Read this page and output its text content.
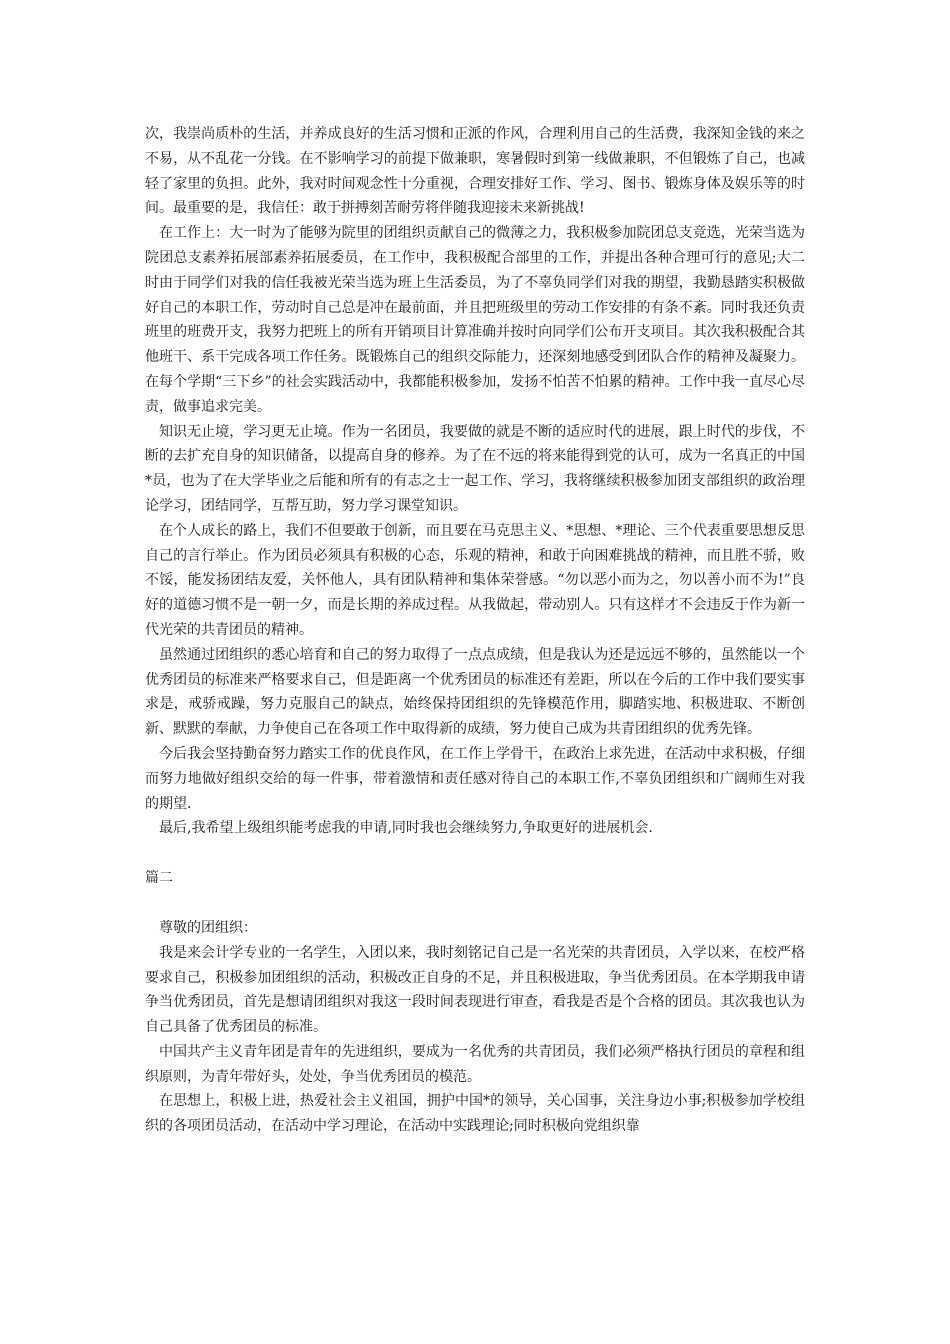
次，我崇尚质朴的生活，并养成良好的生活习惯和正派的作风，合理利用自己的生活费，我深知金钱的来之不易，从不乱花一分钱。在不影响学习的前提下做兼职，寒暑假时到第一线做兼职，不但锻炼了自己，也减轻了家里的负担。此外，我对时间观念性十分重视，合理安排好工作、学习、图书、锻炼身体及娱乐等的时间。最重要的是，我信任：敢于拼搏刻苦耐劳将伴随我迎接未来新挑战!

在工作上：大一时为了能够为院里的团组织贡献自己的微薄之力，我积极参加院团总支竞选，光荣当选为院团总支素养拓展部素养拓展委员，在工作中，我积极配合部里的工作，并提出各种合理可行的意见;大二时由于同学们对我的信任我被光荣当选为班上生活委员，为了不辜负同学们对我的期望，我勤恳踏实积极做好自己的本职工作，劳动时自己总是冲在最前面，并且把班级里的劳动工作安排的有条不紊。同时我还负责班里的班费开支，我努力把班上的所有开销项目计算准确并按时向同学们公布开支项目。其次我积极配合其他班干、系干完成各项工作任务。既锻炼自己的组织交际能力，还深刻地感受到团队合作的精神及凝聚力。在每个学期“三下乡”的社会实践活动中，我都能积极参加，发扬不怕苦不怕累的精神。工作中我一直尽心尽责，做事追求完美。

知识无止境，学习更无止境。作为一名团员，我要做的就是不断的适应时代的进展，跟上时代的步伐，不断的去扩充自身的知识储备，以提高自身的修养。为了在不远的将来能得到党的认可，成为一名真正的中国*员，也为了在大学毕业之后能和所有的有志之士一起工作、学习，我将继续积极参加团支部组织的政治理论学习，团结同学，互帮互助，努力学习课堂知识。

在个人成长的路上，我们不但要敢于创新，而且要在马克思主义、*思想、*理论、三个代表重要思想反思自己的言行举止。作为团员必须具有积极的心态，乐观的精神，和敢于向困难挑战的精神，而且胜不骄，败不馁，能发扬团结友爱，关怀他人，具有团队精神和集体荣誉感。“勿以恶小而为之，勿以善小而不为!”良好的道德习惯不是一朝一夕，而是长期的养成过程。从我做起，带动别人。只有这样才不会违反于作为新一代光荣的共青团员的精神。

虽然通过团组织的悉心培育和自己的努力取得了一点点成绩，但是我认为还是远远不够的，虽然能以一个优秀团员的标准来严格要求自己，但是距离一个优秀团员的标准还有差距，所以在今后的工作中我们要实事求是，戒骄戒躁，努力克服自己的缺点，始终保持团组织的先锋模范作用，脚踏实地、积极进取、不断创新、默默的奉献，力争使自己在各项工作中取得新的成绩，努力使自己成为共青团组织的优秀先锋。

今后我会坚持勤奋努力踏实工作的优良作风，在工作上学骨干，在政治上求先进，在活动中求积极，仔细而努力地做好组织交给的每一件事，带着激情和责任感对待自己的本职工作,不辜负团组织和广阔师生对我的期望.

最后,我希望上级组织能考虑我的申请,同时我也会继续努力,争取更好的进展机会.

篇二

尊敬的团组织：

我是来会计学专业的一名学生，入团以来，我时刻铭记自己是一名光荣的共青团员，入学以来，在校严格要求自己，积极参加团组织的活动，积极改正自身的不足，并且积极进取，争当优秀团员。在本学期我申请争当优秀团员，首先是想请团组织对我这一段时间表现进行审查，看我是否是个合格的团员。其次我也认为自己具备了优秀团员的标准。

中国共产主义青年团是青年的先进组织，要成为一名优秀的共青团员，我们必须严格执行团员的章程和组织原则，为青年带好头，处处，争当优秀团员的模范。

在思想上，积极上进，热爱社会主义祖国，拥护中国*的领导，关心国事，关注身边小事;积极参加学校组织的各项团员活动，在活动中学习理论，在活动中实践理论;同时积极向党组织靠
